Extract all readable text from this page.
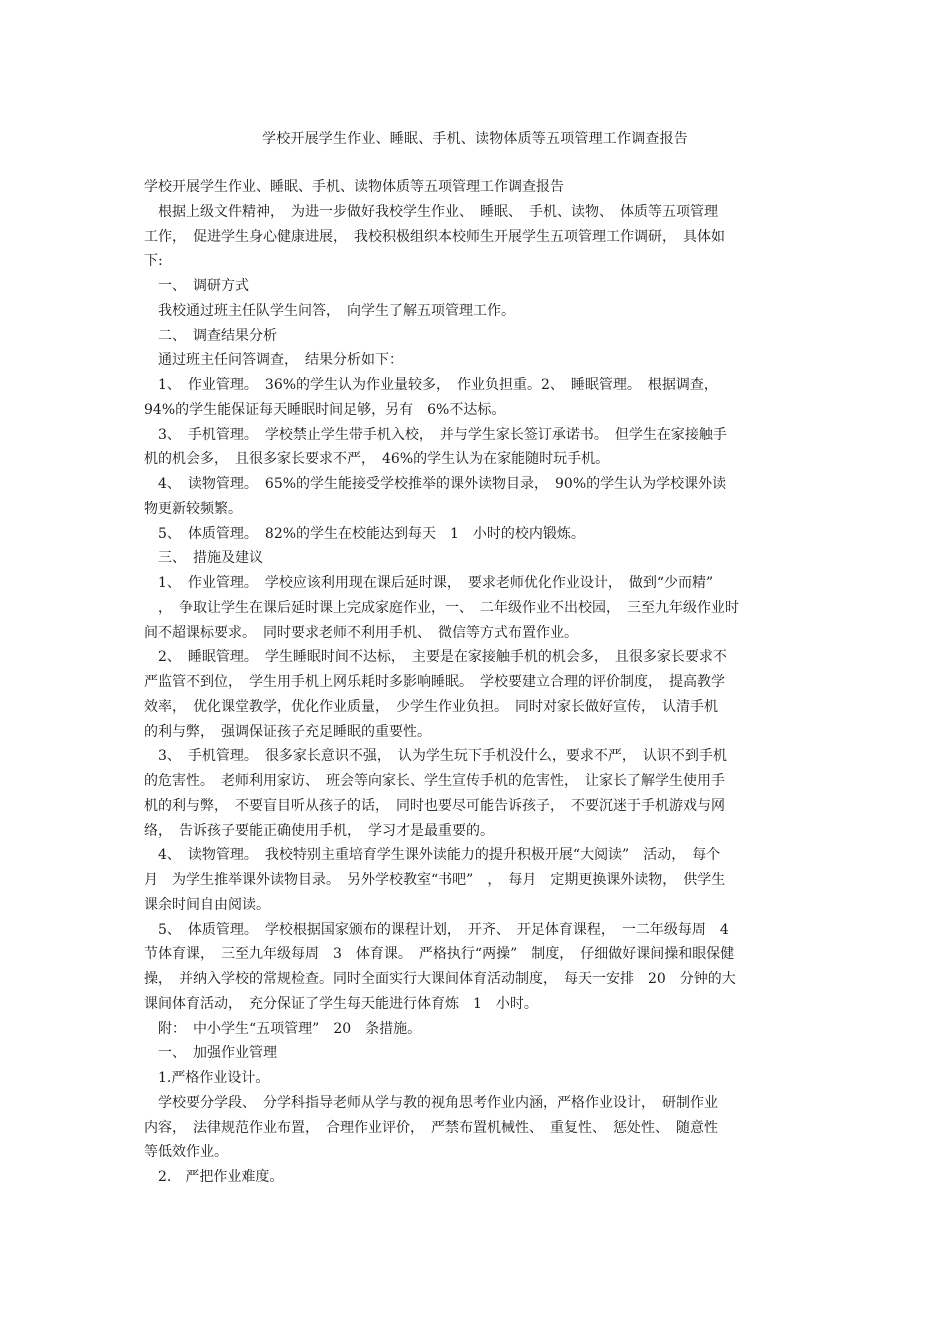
学校开展学生作业、睡眠、手机、读物体质等五项管理工作调查报告
学校开展学生作业、睡眠、手机、读物体质等五项管理工作调查报告
　根据上级文件精神，　为进一步做好我校学生作业、　睡眠、　手机、读物、　体质等五项管理
工作，　促进学生身心健康进展，　我校积极组织本校师生开展学生五项管理工作调研，　具体如
下:
　一、　调研方式
　我校通过班主任队学生问答，　向学生了解五项管理工作。
　二、　调查结果分析
　通过班主任问答调查，　结果分析如下：
　1、　作业管理。　36%的学生认为作业量较多，　作业负担重。2、　睡眠管理。　根据调查，
94%的学生能保证每天睡眠时间足够，另有　6%不达标。
　3、　手机管理。　学校禁止学生带手机入校，　并与学生家长签订承诺书。　但学生在家接触手
机的机会多，　且很多家长要求不严，　46%的学生认为在家能随时玩手机。
　4、　读物管理。　65%的学生能接受学校推举的课外读物目录，　90%的学生认为学校课外读
物更新较频繁。
　5、　体质管理。　82%的学生在校能达到每天　1　小时的校内锻炼。
　三、　措施及建议
　1、　作业管理。　学校应该利用现在课后延时课，　要求老师优化作业设计，　做到“少而精”
　，　争取让学生在课后延时课上完成家庭作业，一、　二年级作业不出校园，　三至九年级作业时
间不超课标要求。　同时要求老师不利用手机、　微信等方式布置作业。
　2、　睡眠管理。　学生睡眠时间不达标，　主要是在家接触手机的机会多，　且很多家长要求不
严监管不到位，　学生用手机上网乐耗时多影响睡眠。　学校要建立合理的评价制度，　提高教学
效率，　优化课堂教学，优化作业质量，　少学生作业负担。　同时对家长做好宣传，　认清手机
的利与弊，　强调保证孩子充足睡眠的重要性。
　3、　手机管理。　很多家长意识不强，　认为学生玩下手机没什么，要求不严，　认识不到手机
的危害性。　老师利用家访、　班会等向家长、学生宣传手机的危害性，　让家长了解学生使用手
机的利与弊，　不要盲目听从孩子的话，　同时也要尽可能告诉孩子，　不要沉迷于手机游戏与网
络，　告诉孩子要能正确使用手机，　学习才是最重要的。
　4、　读物管理。　我校特别主重培育学生课外读能力的提升积极开展“大阅读”　活动，　每个
月　为学生推举课外读物目录。　另外学校教室“书吧”　，　每月　定期更换课外读物，　供学生
课余时间自由阅读。
　5、　体质管理。　学校根据国家颁布的课程计划，　开齐、　开足体育课程，　一二年级每周　4
节体育课，　三至九年级每周　3　体育课。　严格执行“两操”　制度，　仔细做好课间操和眼保健
操，　并纳入学校的常规检查。同时全面实行大课间体育活动制度，　每天一安排　20　分钟的大
课间体育活动，　充分保证了学生每天能进行体育炼　1　小时。
　附：　中小学生“五项管理”　20　条措施。
　一、　加强作业管理
　1.严格作业设计。
　学校要分学段、　分学科指导老师从学与教的视角思考作业内涵，严格作业设计，　研制作业
内容，　法律规范作业布置，　合理作业评价，　严禁布置机械性、　重复性、　惩处性、　随意性
等低效作业。
　2.　严把作业难度。
